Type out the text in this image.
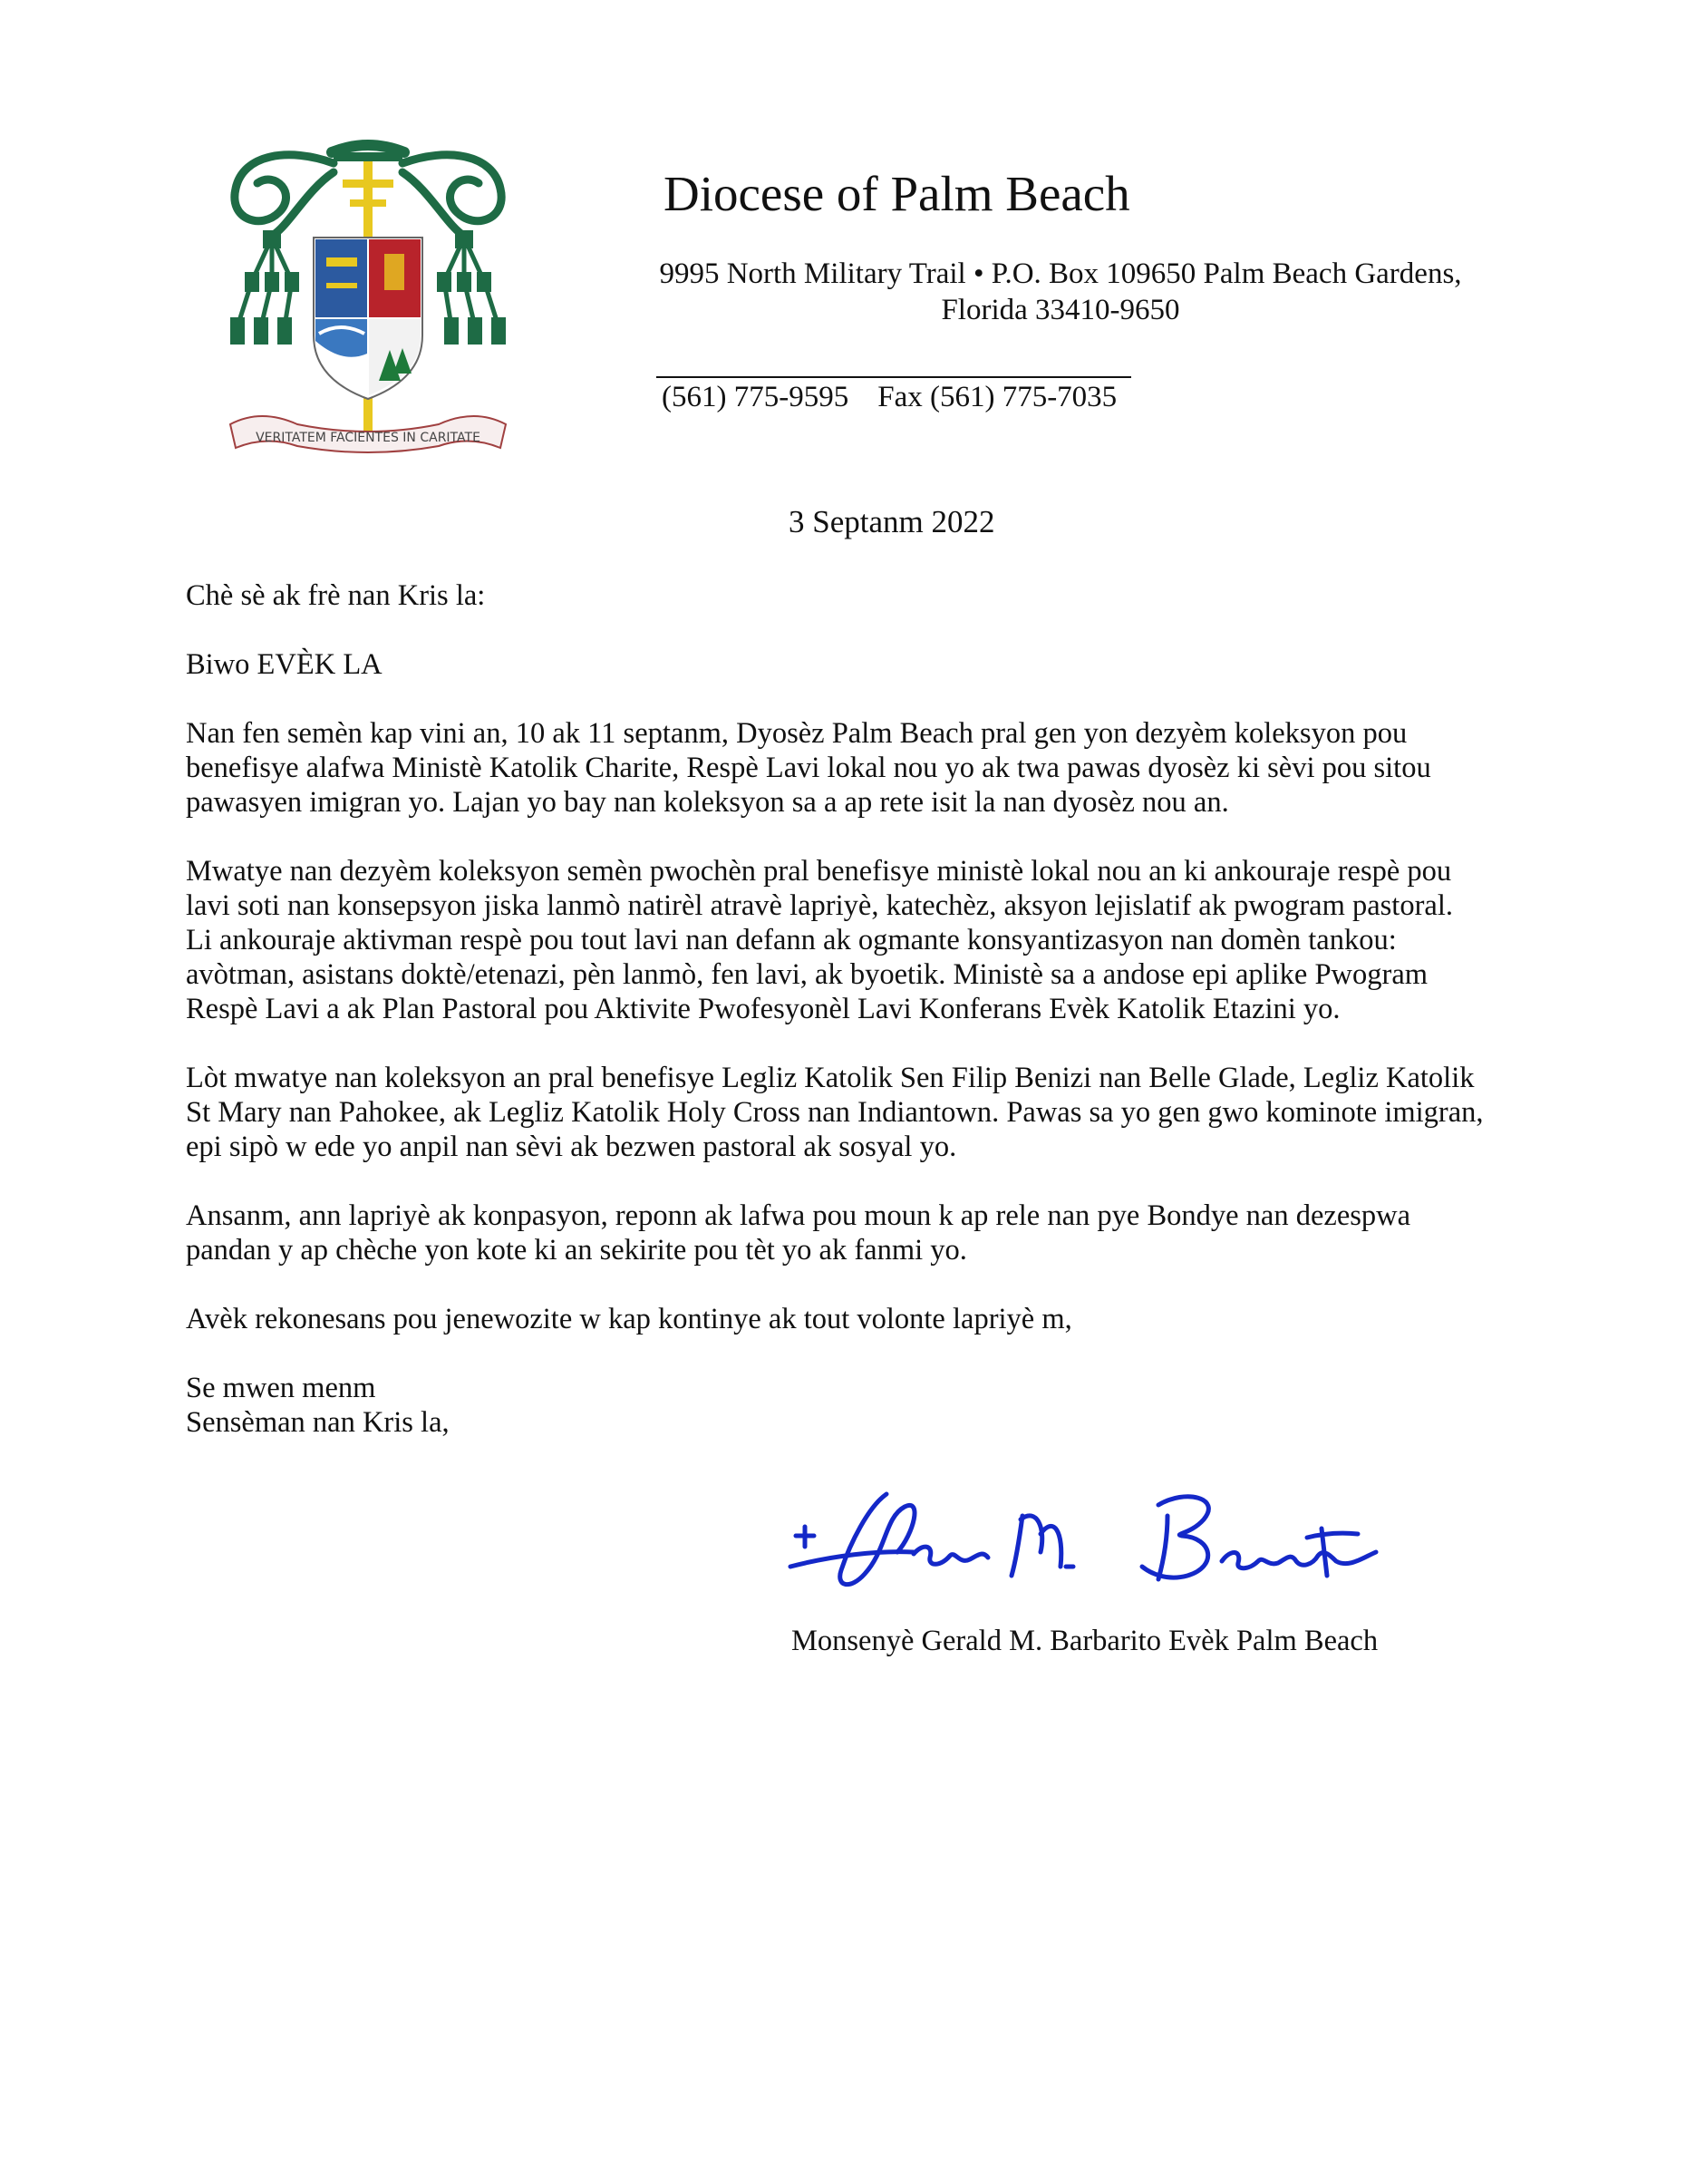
VERITATEM FACIENTES IN CARITATE
Diocese of Palm Beach
9995 North Military Trail • P.O. Box 109650 Palm Beach Gardens,
Florida 33410-9650
(561) 775-9595 Fax (561) 775-7035
3 Septanm 2022

Chè sè ak frè nan Kris la:

Biwo EVÈK LA

Nan fen semèn kap vini an, 10 ak 11 septanm, Dyosèz Palm Beach pral gen yon dezyèm koleksyon pou
benefisye alafwa Ministè Katolik Charite, Respè Lavi lokal nou yo ak twa pawas dyosèz ki sèvi pou sitou
pawasyen imigran yo. Lajan yo bay nan koleksyon sa a ap rete isit la nan dyosèz nou an.

Mwatye nan dezyèm koleksyon semèn pwochèn pral benefisye ministè lokal nou an ki ankouraje respè pou
lavi soti nan konsepsyon jiska lanmò natirèl atravè lapriyè, katechèz, aksyon lejislatif ak pwogram pastoral.
Li ankouraje aktivman respè pou tout lavi nan defann ak ogmante konsyantizasyon nan domèn tankou:
avòtman, asistans doktè/etenazi, pèn lanmò, fen lavi, ak byoetik. Ministè sa a andose epi aplike Pwogram
Respè Lavi a ak Plan Pastoral pou Aktivite Pwofesyonèl Lavi Konferans Evèk Katolik Etazini yo.

Lòt mwatye nan koleksyon an pral benefisye Legliz Katolik Sen Filip Benizi nan Belle Glade, Legliz Katolik
St Mary nan Pahokee, ak Legliz Katolik Holy Cross nan Indiantown. Pawas sa yo gen gwo kominote imigran,
epi sipò w ede yo anpil nan sèvi ak bezwen pastoral ak sosyal yo.

Ansanm, ann lapriyè ak konpasyon, reponn ak lafwa pou moun k ap rele nan pye Bondye nan dezespwa
pandan y ap chèche yon kote ki an sekirite pou tèt yo ak fanmi yo.

Avèk rekonesans pou jenewozite w kap kontinye ak tout volonte lapriyè m,

Se mwen menm
Sensèman nan Kris la,

Monsenyè Gerald M. Barbarito Evèk Palm Beach
